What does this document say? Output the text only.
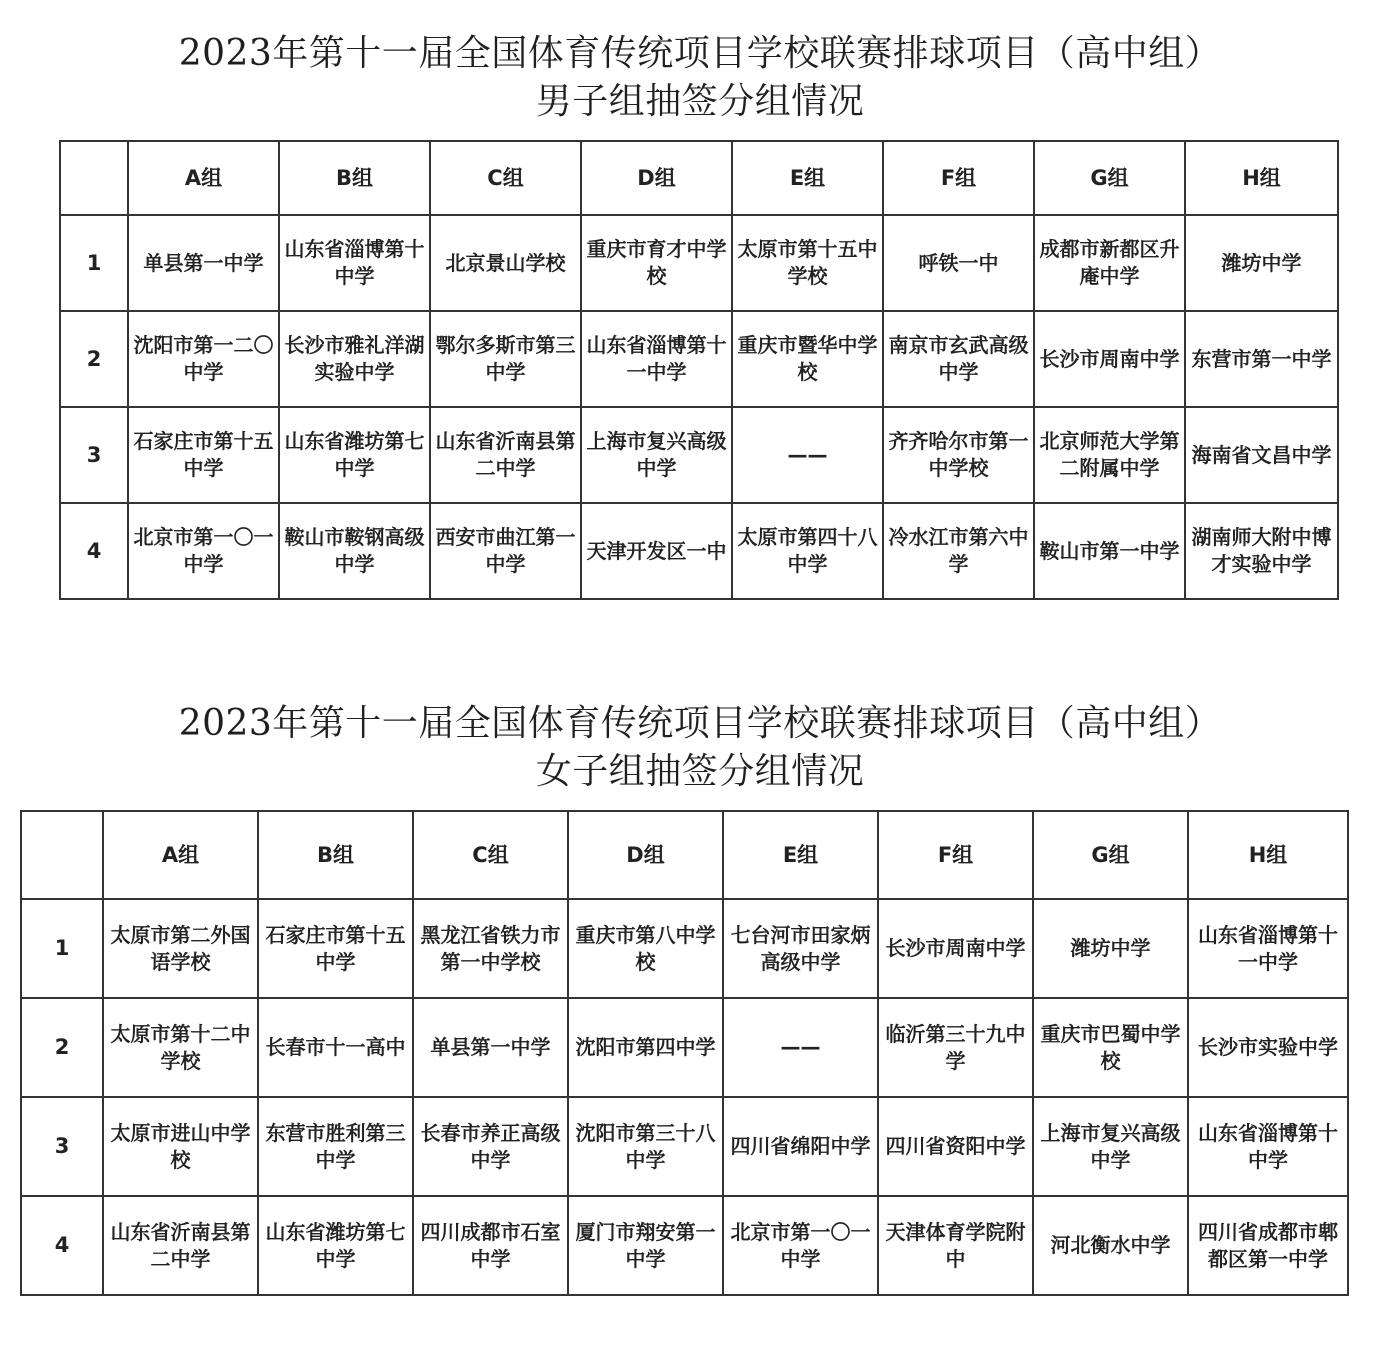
2023年第十一届全国体育传统项目学校联赛排球项目（高中组）
男子组抽签分组情况
	A组	B组	C组	D组	E组	F组	G组	H组
1	单县第一中学	山东省淄博第十中学	北京景山学校	重庆市育才中学校	太原市第十五中学校	呼铁一中	成都市新都区升庵中学	潍坊中学
2	沈阳市第一二〇中学	长沙市雅礼洋湖实验中学	鄂尔多斯市第三中学	山东省淄博第十一中学	重庆市暨华中学校	南京市玄武高级中学	长沙市周南中学	东营市第一中学
3	石家庄市第十五中学	山东省潍坊第七中学	山东省沂南县第二中学	上海市复兴高级中学	——	齐齐哈尔市第一中学校	北京师范大学第二附属中学	海南省文昌中学
4	北京市第一〇一中学	鞍山市鞍钢高级中学	西安市曲江第一中学	天津开发区一中	太原市第四十八中学	冷水江市第六中学	鞍山市第一中学	湖南师大附中博才实验中学
2023年第十一届全国体育传统项目学校联赛排球项目（高中组）
女子组抽签分组情况
	A组	B组	C组	D组	E组	F组	G组	H组
1	太原市第二外国语学校	石家庄市第十五中学	黑龙江省铁力市第一中学校	重庆市第八中学校	七台河市田家炳高级中学	长沙市周南中学	潍坊中学	山东省淄博第十一中学
2	太原市第十二中学校	长春市十一高中	单县第一中学	沈阳市第四中学	——	临沂第三十九中学	重庆市巴蜀中学校	长沙市实验中学
3	太原市进山中学校	东营市胜利第三中学	长春市养正高级中学	沈阳市第三十八中学	四川省绵阳中学	四川省资阳中学	上海市复兴高级中学	山东省淄博第十中学
4	山东省沂南县第二中学	山东省潍坊第七中学	四川成都市石室中学	厦门市翔安第一中学	北京市第一〇一中学	天津体育学院附中	河北衡水中学	四川省成都市郫都区第一中学
